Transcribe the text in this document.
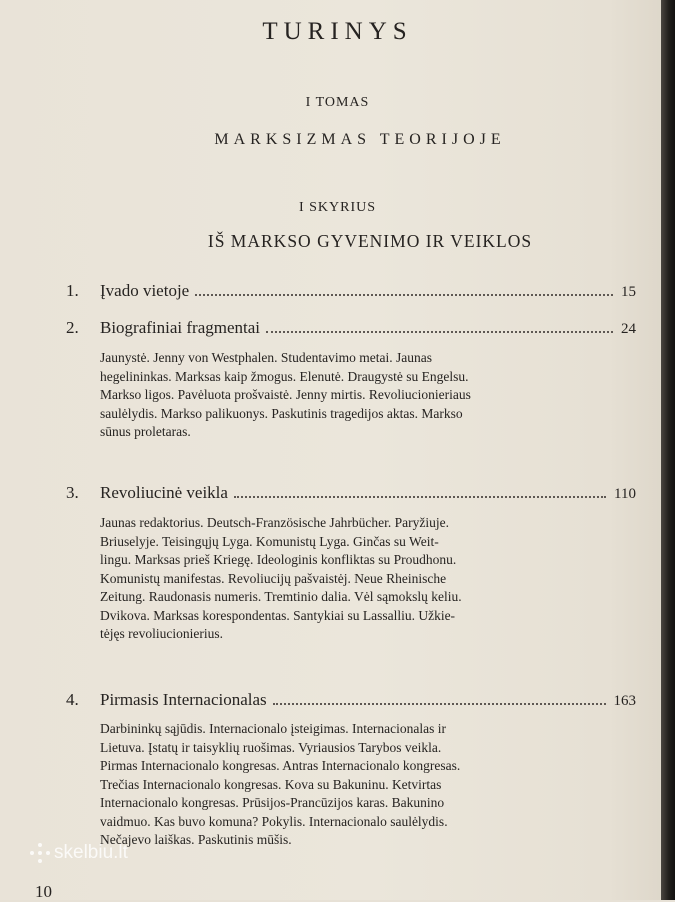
TURINYS
I TOMAS
MARKSIZMAS TEORIJOJE
I SKYRIUS
IŠ MARKSO GYVENIMO IR VEIKLOS
1.	Įvado vietoje	15
2.	Biografiniai fragmentai	24
Jaunystė. Jenny von Westphalen. Studentavimo metai. Jaunas
hegelininkas. Marksas kaip žmogus. Elenutė. Draugystė su Engelsu.
Markso ligos. Pavėluota prošvaistė. Jenny mirtis. Revoliucionieriaus
saulėlydis. Markso palikuonys. Paskutinis tragedijos aktas. Markso
sūnus proletaras.
3.	Revoliucinė veikla	110
Jaunas redaktorius. Deutsch-Französische Jahrbücher. Paryžiuje.
Briuselyje. Teisingųjų Lyga. Komunistų Lyga. Ginčas su Weit-
lingu. Marksas prieš Kriegę. Ideologinis konfliktas su Proudhonu.
Komunistų manifestas. Revoliucijų pašvaistėj. Neue Rheinische
Zeitung. Raudonasis numeris. Tremtinio dalia. Vėl sąmokslų keliu.
Dvikova. Marksas korespondentas. Santykiai su Lassalliu. Užkie-
tėjęs revoliucionierius.
4.	Pirmasis Internacionalas	163
Darbininkų sąjūdis. Internacionalo įsteigimas. Internacionalas ir
Lietuva. Įstatų ir taisyklių ruošimas. Vyriausios Tarybos veikla.
Pirmas Internacionalo kongresas. Antras Internacionalo kongresas.
Trečias Internacionalo kongresas. Kova su Bakuninu. Ketvirtas
Internacionalo kongresas. Prūsijos-Prancūzijos karas. Bakunino
vaidmuo. Kas buvo komuna? Pokylis. Internacionalo saulėlydis.
Nečajevo laiškas. Paskutinis mūšis.
skelbiu.lt
10
